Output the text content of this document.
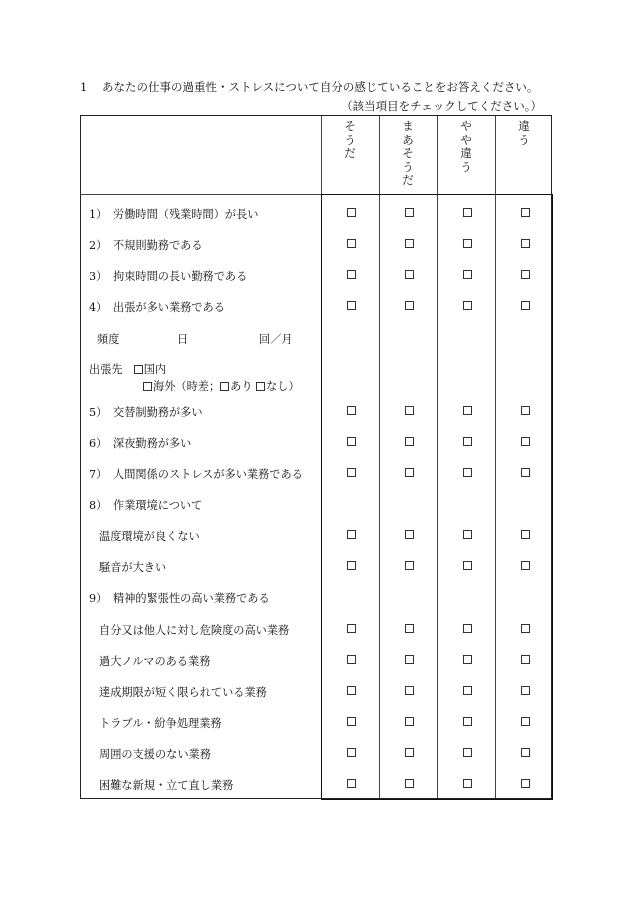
1 あなたの仕事の過重性・ストレスについて自分の感じていることをお答えください。
（該当項目をチェックしてください。）
そうだ
まあそうだ
やや違う
違　う
1） 労働時間（残業時間）が長い
2） 不規則勤務である
3） 拘束時間の長い勤務である
4） 出張が多い業務である
頻度	日	回／月
出張先 国内
海外（時差； あり なし）
5） 交替制勤務が多い
6） 深夜勤務が多い
7） 人間関係のストレスが多い業務である
8） 作業環境について
温度環境が良くない
騒音が大きい
9） 精神的緊張性の高い業務である
自分又は他人に対し危険度の高い業務
過大ノルマのある業務
達成期限が短く限られている業務
トラブル・紛争処理業務
周囲の支援のない業務
困難な新規・立て直し業務
